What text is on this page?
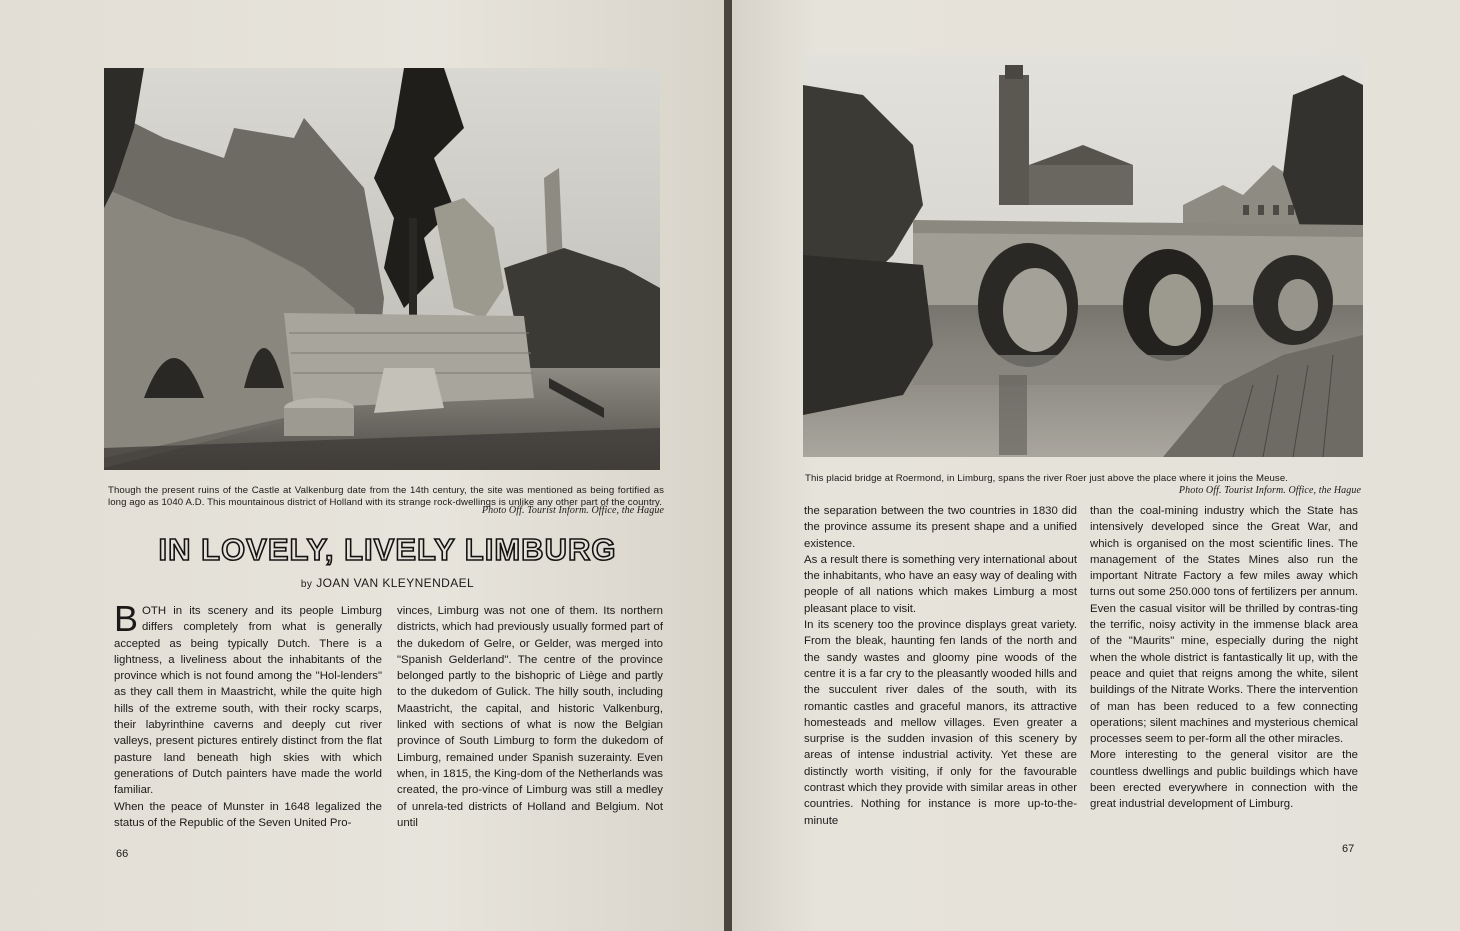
Though the present ruins of the Castle at Valkenburg date from the 14th century, the site was mentioned as being fortified as long ago as 1040 A.D. This mountainous district of Holland with its strange rock-dwellings is unlike any other part of the country.
Photo Off. Tourist Inform. Office, the Hague
IN LOVELY, LIVELY LIMBURG
by JOAN VAN KLEYNENDAEL

BOTH in its scenery and its people Limburg differs completely from what is generally accepted as being typically Dutch. There is a lightness, a liveliness about the inhabitants of the province which is not found among the "Hol-lenders" as they call them in Maastricht, while the quite high hills of the extreme south, with their rocky scarps, their labyrinthine caverns and deeply cut river valleys, present pictures entirely distinct from the flat pasture land beneath high skies with which generations of Dutch painters have made the world familiar.

When the peace of Munster in 1648 legalized the status of the Republic of the Seven United Pro-

vinces, Limburg was not one of them. Its northern districts, which had previously usually formed part of the dukedom of Gelre, or Gelder, was merged into "Spanish Gelderland". The centre of the province belonged partly to the bishopric of Liège and partly to the dukedom of Gulick. The hilly south, including Maastricht, the capital, and historic Valkenburg, linked with sections of what is now the Belgian province of South Limburg to form the dukedom of Limburg, remained under Spanish suzerainty. Even when, in 1815, the King-dom of the Netherlands was created, the pro-vince of Limburg was still a medley of unrela-ted districts of Holland and Belgium. Not until

66
This placid bridge at Roermond, in Limburg, spans the river Roer just above the place where it joins the Meuse.
Photo Off. Tourist Inform. Office, the Hague

the separation between the two countries in 1830 did the province assume its present shape and a unified existence.

As a result there is something very international about the inhabitants, who have an easy way of dealing with people of all nations which makes Limburg a most pleasant place to visit.

In its scenery too the province displays great variety. From the bleak, haunting fen lands of the north and the sandy wastes and gloomy pine woods of the centre it is a far cry to the pleasantly wooded hills and the succulent river dales of the south, with its romantic castles and graceful manors, its attractive homesteads and mellow villages. Even greater a surprise is the sudden invasion of this scenery by areas of intense industrial activity. Yet these are distinctly worth visiting, if only for the favourable contrast which they provide with similar areas in other countries. Nothing for instance is more up-to-the-minute

than the coal-mining industry which the State has intensively developed since the Great War, and which is organised on the most scientific lines. The management of the States Mines also run the important Nitrate Factory a few miles away which turns out some 250.000 tons of fertilizers per annum. Even the casual visitor will be thrilled by contras-ting the terrific, noisy activity in the immense black area of the "Maurits" mine, especially during the night when the whole district is fantastically lit up, with the peace and quiet that reigns among the white, silent buildings of the Nitrate Works. There the intervention of man has been reduced to a few connecting operations; silent machines and mysterious chemical processes seem to per-form all the other miracles.

More interesting to the general visitor are the countless dwellings and public buildings which have been erected everywhere in connection with the great industrial development of Limburg.

67
